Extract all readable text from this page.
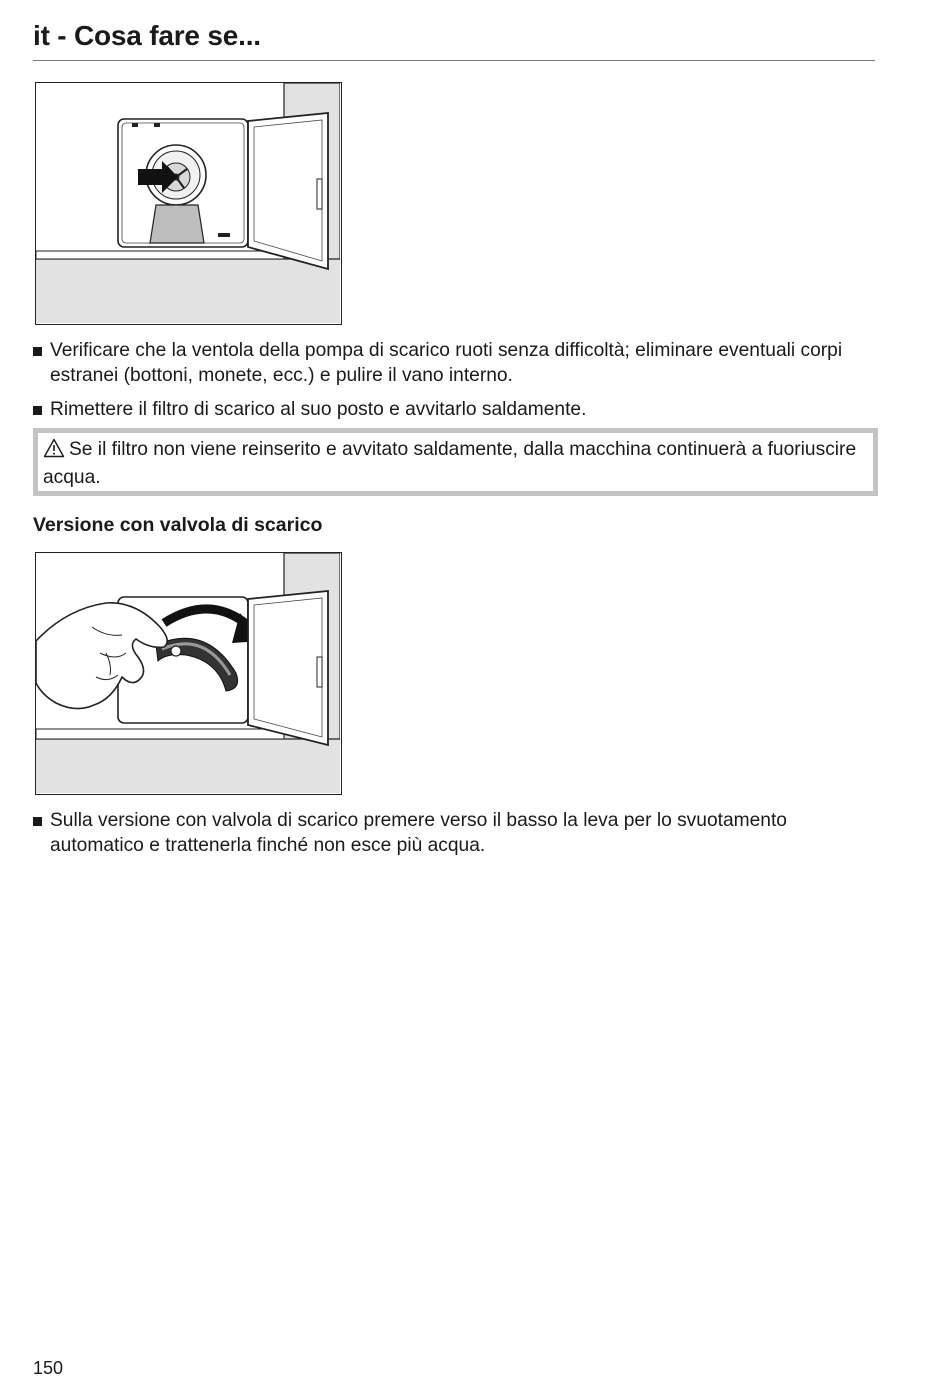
it - Cosa fare se...
Verificare che la ventola della pompa di scarico ruoti senza difficoltà; eliminare eventuali corpi estranei (bottoni, monete, ecc.) e pulire il vano interno.
Rimettere il filtro di scarico al suo posto e avvitarlo saldamente.
Se il filtro non viene reinserito e avvitato saldamente, dalla macchina continuerà a fuoriuscire acqua.
Versione con valvola di scarico
Sulla versione con valvola di scarico premere verso il basso la leva per lo svuotamento automatico e trattenerla finché non esce più acqua.
150
